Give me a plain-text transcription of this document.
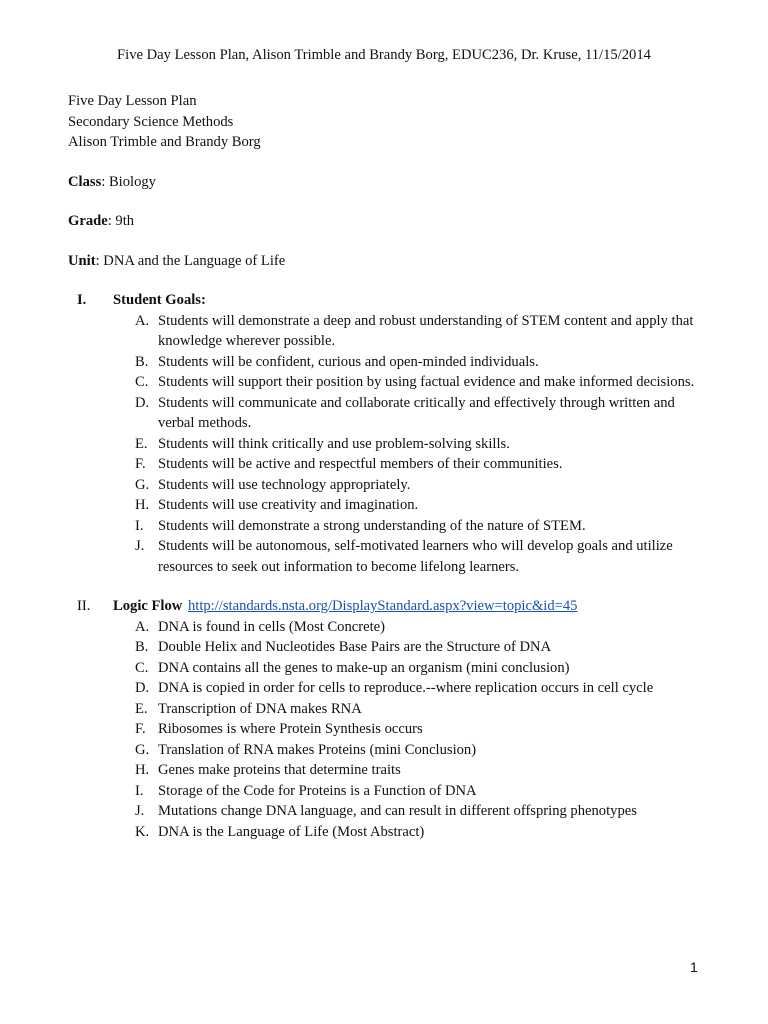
Five Day Lesson Plan, Alison Trimble and Brandy Borg, EDUC236, Dr. Kruse, 11/15/2014

Five Day Lesson Plan

Secondary Science Methods

Alison Trimble and Brandy Borg

Class: Biology
Grade: 9th
Unit: DNA and the Language of Life
I. Student Goals:
A. Students will demonstrate a deep and robust understanding of STEM content and apply that knowledge wherever possible.
B. Students will be confident, curious and open-minded individuals.
C. Students will support their position by using factual evidence and make informed decisions.
D. Students will communicate and collaborate critically and effectively through written and verbal methods.
E. Students will think critically and use problem-solving skills.
F. Students will be active and respectful members of their communities.
G. Students will use technology appropriately.
H. Students will use creativity and imagination.
I. Students will demonstrate a strong understanding of the nature of STEM.
J. Students will be autonomous, self-motivated learners who will develop goals and utilize resources to seek out information to become lifelong learners.
II. Logic Flow http://standards.nsta.org/DisplayStandard.aspx?view=topic&id=45
A. DNA is found in cells (Most Concrete)
B. Double Helix and Nucleotides Base Pairs are the Structure of DNA
C. DNA contains all the genes to make-up an organism (mini conclusion)
D. DNA is copied in order for cells to reproduce.--where replication occurs in cell cycle
E. Transcription of DNA makes RNA
F. Ribosomes is where Protein Synthesis occurs
G. Translation of RNA makes Proteins (mini Conclusion)
H. Genes make proteins that determine traits
I. Storage of the Code for Proteins is a Function of DNA
J. Mutations change DNA language, and can result in different offspring phenotypes
K. DNA is the Language of Life (Most Abstract)
1
